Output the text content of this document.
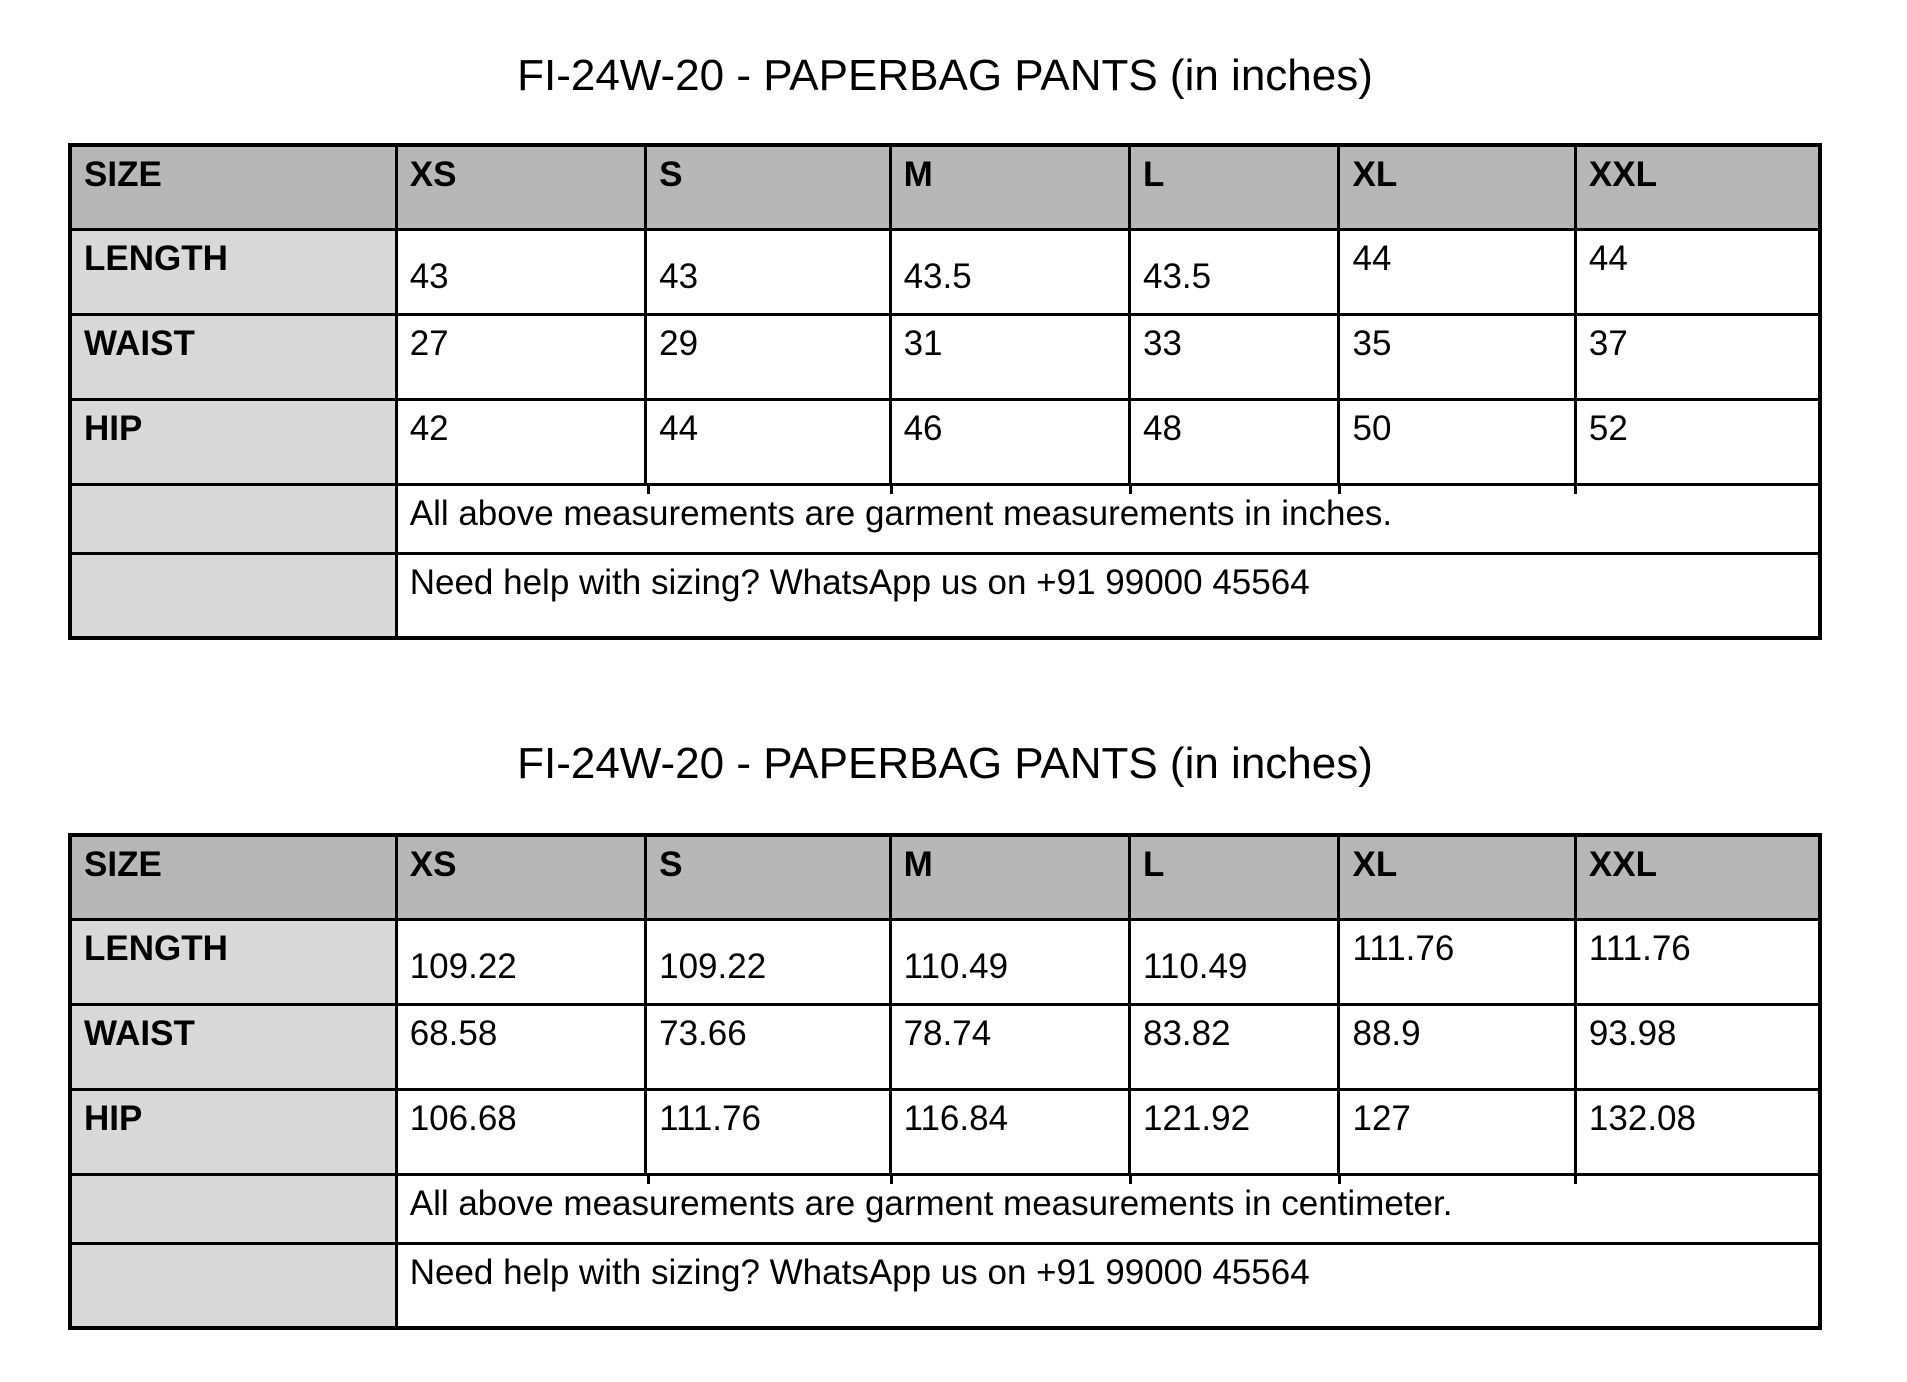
FI-24W-20 - PAPERBAG PANTS (in inches)
SIZE	XS	S	M	L	XL	XXL
LENGTH	43	43	43.5	43.5	44	44
WAIST	27	29	31	33	35	37
HIP	42	44	46	48	50	52

All above measurements are garment measurements in inches.					
	Need help with sizing? WhatsApp us on +91 99000 45564					
FI-24W-20 - PAPERBAG PANTS (in inches)
SIZE	XS	S	M	L	XL	XXL
LENGTH	109.22	109.22	110.49	110.49	111.76	111.76
WAIST	68.58	73.66	78.74	83.82	88.9	93.98
HIP	106.68	111.76	116.84	121.92	127	132.08

All above measurements are garment measurements in centimeter.					
	Need help with sizing? WhatsApp us on +91 99000 45564					
